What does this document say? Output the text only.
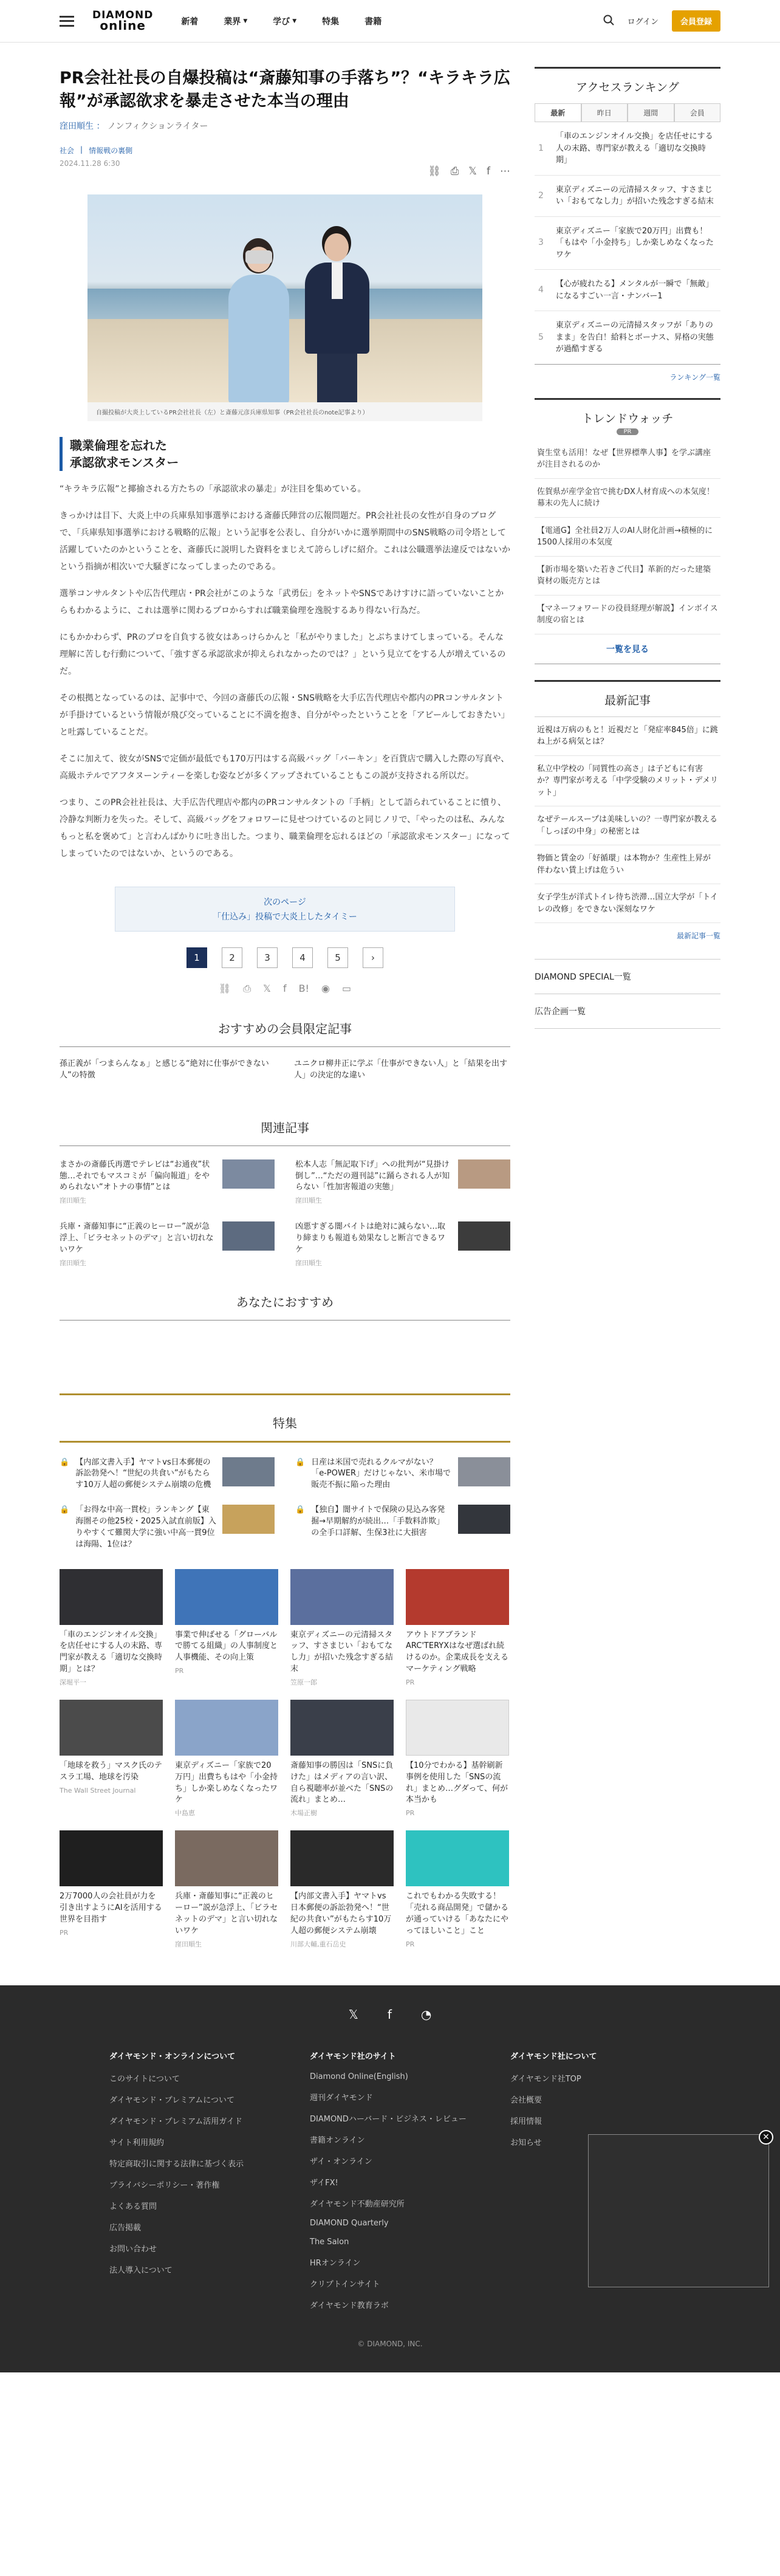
DIAMOND
online	新着	業界 ▼	学び ▼	特集	書籍	ログイン	会員登録
PR会社社長の自爆投稿は“斎藤知事の手落ち”？“キラキラ広報”が承認欲求を暴走させた本当の理由
窪田順生 ： ノンフィクションライター
社会 | 情報戦の裏側
2024.11.28 6:30
⛓ ⎙ 𝕏 f ⋯
自撮投稿が大炎上しているPR会社社長（左）と斎藤元彦兵庫県知事（PR会社社長のnote記事より）
職業倫理を忘れた
承認欲求モンスター

“キラキラ広報”と揶揄される方たちの「承認欲求の暴走」が注目を集めている。

きっかけは目下、大炎上中の兵庫県知事選挙における斎藤氏陣営の広報問題だ。PR会社社長の女性が自身のブログで、「兵庫県知事選挙における戦略的広報」という記事を公表し、自分がいかに選挙期間中のSNS戦略の司令塔として活躍していたのかということを、斎藤氏に説明した資料をまじえて誇らしげに紹介。これは公職選挙法違反ではないかという指摘が相次いで大騒ぎになってしまったのである。

選挙コンサルタントや広告代理店・PR会社がこのような「武勇伝」をネットやSNSであけすけに語っていないことからもわかるように、これは選挙に関わるプロからすれば職業倫理を逸脱するあり得ない行為だ。

にもかかわらず、PRのプロを自負する彼女はあっけらかんと「私がやりました」とぶちまけてしまっている。そんな理解に苦しむ行動について、「強すぎる承認欲求が抑えられなかったのでは？」という見立てをする人が増えているのだ。

その根拠となっているのは、記事中で、今回の斎藤氏の広報・SNS戦略を大手広告代理店や都内のPRコンサルタントが手掛けているという情報が飛び交っていることに不満を抱き、自分がやったということを「アピールしておきたい」と吐露していることだ。

そこに加えて、彼女がSNSで定価が最低でも170万円はする高級バッグ「バーキン」を百貨店で購入した際の写真や、高級ホテルでアフタヌーンティーを楽しむ姿などが多くアップされていることもこの説が支持される所以だ。

つまり、このPR会社社長は、大手広告代理店や都内のPRコンサルタントの「手柄」として語られていることに憤り、冷静な判断力を失った。そして、高級バッグをフォロワーに見せつけているのと同じノリで、「やったのは私、みんなもっと私を褒めて」と言わんばかりに吐き出した。つまり、職業倫理を忘れるほどの「承認欲求モンスター」になってしまっていたのではないか、というのである。

次のページ
「仕込み」投稿で大炎上したタイミー
1	2	3	4	5	›
⛓ ⎙ 𝕏 f B! ◉ ▭
おすすめの会員限定記事
孫正義が「つまらんなぁ」と感じる“絶対に仕事ができない人”の特徴
ユニクロ柳井正に学ぶ「仕事ができない人」と「結果を出す人」の決定的な違い
関連記事
まさかの斎藤氏再選でテレビは“お通夜”状態…それでもマスコミが「偏向報道」をやめられない“オトナの事情”とは
窪田順生
松本人志「無記取下げ」への批判が“見掛け倒し”…“ただの週刊誌”に踊らされる人が知らない「性加害報道の実態」
窪田順生
兵庫・斎藤知事に“正義のヒーロー”説が急浮上、「ビラセネットのデマ」と言い切れないワケ
窪田順生
凶悪すぎる闇バイトは絶対に減らない…取り締まりも報道も効果なしと断言できるワケ
窪田順生
あなたにおすすめ
特集
🔒 【内部文書入手】ヤマトvs日本郵便の訴訟勃発へ！“世紀の共食い”がもたらす10万人超の郵便システム崩壊の危機
🔒 日産は米国で売れるクルマがない？「e-POWER」だけじゃない、米市場で販売不振に陥った理由
🔒 「お得な中高一貫校」ランキング【東海圏その他25校・2025入試直前版】入りやすくて難関大学に強い中高一貫9位は海陽、1位は？
🔒 【独自】闇サイトで保険の見込み客発掘→早期解約が続出…「手数料詐欺」の全手口詳解、生保3社に大損害
「車のエンジンオイル交換」を店任せにする人の末路、専門家が教える「適切な交換時期」とは？
深堀平一
事業で伸ばせる「グローバルで勝てる組織」の人事制度と人事機能、その向上策
PR
東京ディズニーの元清掃スタッフ、すさまじい「おもてなし力」が招いた残念すぎる結末
笠原一郎
アウトドアブランド ARC'TERYXはなぜ選ばれ続けるのか。企業成長を支えるマーケティング戦略
PR
「地球を救う」マスク氏のテスラ工場、地球を汚染
The Wall Street Journal
東京ディズニー「家族で20万円」出費ちもはや「小金持ち」しか楽しめなくなったワケ
中島恵
斎藤知事の勝因は「SNSに負けた」はメディアの言い訳、自ら視聴率が並べた「SNSの流れ」まとめ…
木場正樹
【10分でわかる】基幹刷新事例を使用した「SNSの流れ」まとめ…グダって、何が本当かも
PR
2万7000人の会社員が力を引き出すようにAIを活用する世界を目指す
PR
兵庫・斎藤知事に“正義のヒーロー”説が急浮上、「ビラセネットのデマ」と言い切れないワケ
窪田順生
【内部文書入手】ヤマトvs日本郵便の訴訟勃発へ！“世紀の共食い”がもたらす10万人超の郵便システム崩壊
川部大輔,重石岳史
これでもわかる失敗する！「売れる商品開発」で儲かるが通っていける「あなたにやってほしいこと」こと
PR
アクセスランキング
最新	昨日	週間	会員
1
「車のエンジンオイル交換」を店任せにする人の末路、専門家が教える「適切な交換時期」
2
東京ディズニーの元清掃スタッフ、すさまじい「おもてなし力」が招いた残念すぎる結末
3
東京ディズニー「家族で20万円」出費も！「もはや「小金持ち」しか楽しめなくなったワケ
4
【心が疲れたる】メンタルが一瞬で「無敵」になるすごい一言・ナンバー1
5
東京ディズニーの元清掃スタッフが「ありのまま」を告白！給料とボーナス、昇格の実態が過酷すぎる
ランキング一覧
トレンドウォッチ
PR
資生堂も活用！なぜ【世界標準人事】を学ぶ講座が注目されるのか
佐賀県が産学金官で挑むDX人材育成への本気度！幕末の先人に続け
【電通G】全社員2万人のAI人財化計画→積極的に1500人採用の本気度
【新市場を築いた若きご代目】革新的だった建築資材の販売方とは
【マネーフォワードの役員経理が解説】インボイス制度の宿とは
一覧を見る
最新記事
近視は万病のもと！近視だと「発症率845倍」に跳ね上がる病気とは？
私立中学校の「同質性の高さ」は子どもに有害か？専門家が考える「中学受験のメリット・デメリット」
なぜテールスープは美味しいの？一専門家が教える「しっぽの中身」の秘密とは
物価と賃金の「好循環」は本物か？生産性上昇が伴わない賃上げは危うい
女子学生が洋式トイレ待ち渋滞…国立大学が「トイレの改修」をできない深刻なワケ
最新記事一覧
DIAMOND SPECIAL一覧
広告企画一覧
𝕏 f ◔
ダイヤモンド・オンラインについて
このサイトについて
ダイヤモンド・プレミアムについて
ダイヤモンド・プレミアム活用ガイド
サイト利用規約
特定商取引に関する法律に基づく表示
プライバシーポリシー・著作権
よくある質問
広告掲載
お問い合わせ
法人導入について
ダイヤモンド社のサイト
Diamond Online(English)
週刊ダイヤモンド
DIAMONDハーバード・ビジネス・レビュー
書籍オンライン
ザイ・オンライン
ザイFX!
ダイヤモンド不動産研究所
DIAMOND Quarterly
The Salon
HRオンライン
クリプトインサイト
ダイヤモンド教育ラボ
ダイヤモンド社について
ダイヤモンド社TOP
会社概要
採用情報
お知らせ
© DIAMOND, INC.
✕
